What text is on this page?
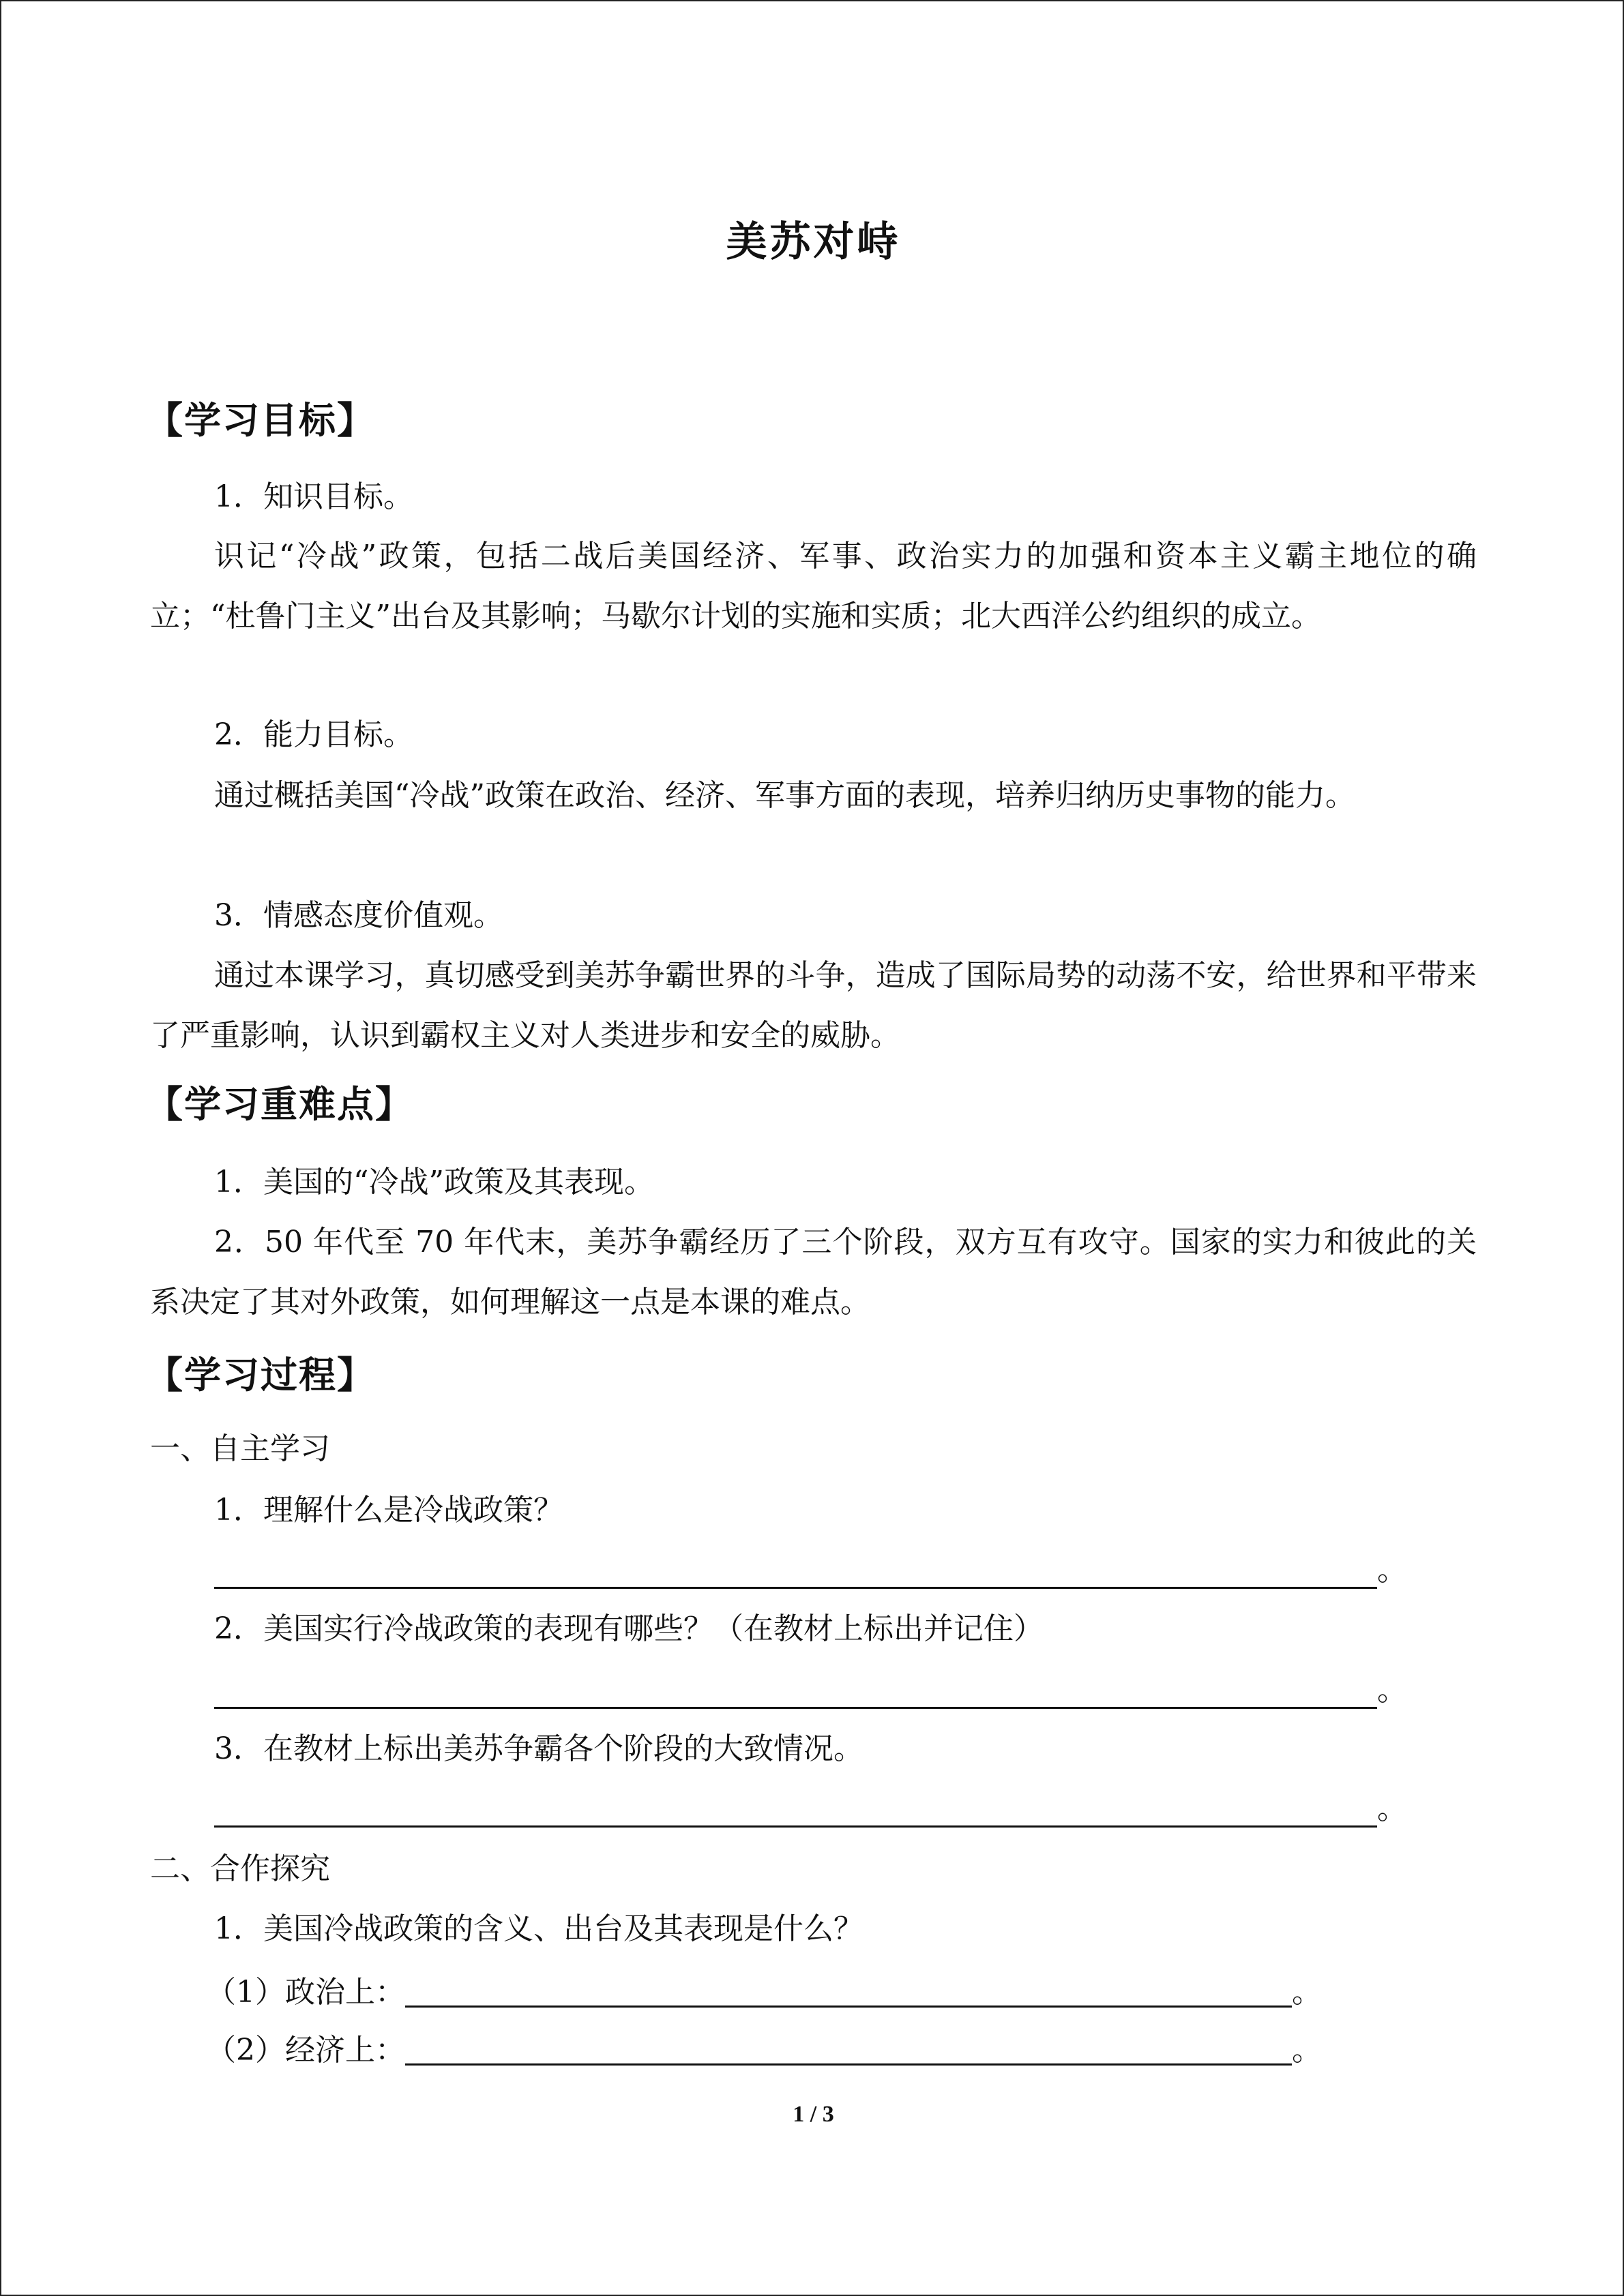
美苏对峙
【学习目标】
1．知识目标。
识记“冷战”政策，包括二战后美国经济、军事、政治实力的加强和资本主义霸主地位的确立；“杜鲁门主义”出台及其影响；马歇尔计划的实施和实质；北大西洋公约组织的成立。
2．能力目标。
通过概括美国“冷战”政策在政治、经济、军事方面的表现，培养归纳历史事物的能力。
3．情感态度价值观。
通过本课学习，真切感受到美苏争霸世界的斗争，造成了国际局势的动荡不安，给世界和平带来了严重影响，认识到霸权主义对人类进步和安全的威胁。
【学习重难点】
1．美国的“冷战”政策及其表现。
2．50 年代至 70 年代末，美苏争霸经历了三个阶段，双方互有攻守。国家的实力和彼此的关系决定了其对外政策，如何理解这一点是本课的难点。
【学习过程】
一、自主学习
1．理解什么是冷战政策？
。
2．美国实行冷战政策的表现有哪些？（在教材上标出并记住）
。
3．在教材上标出美苏争霸各个阶段的大致情况。
。
二、合作探究
1．美国冷战政策的含义、出台及其表现是什么？
（1）政治上：	。
（2）经济上：	。
1 / 3
